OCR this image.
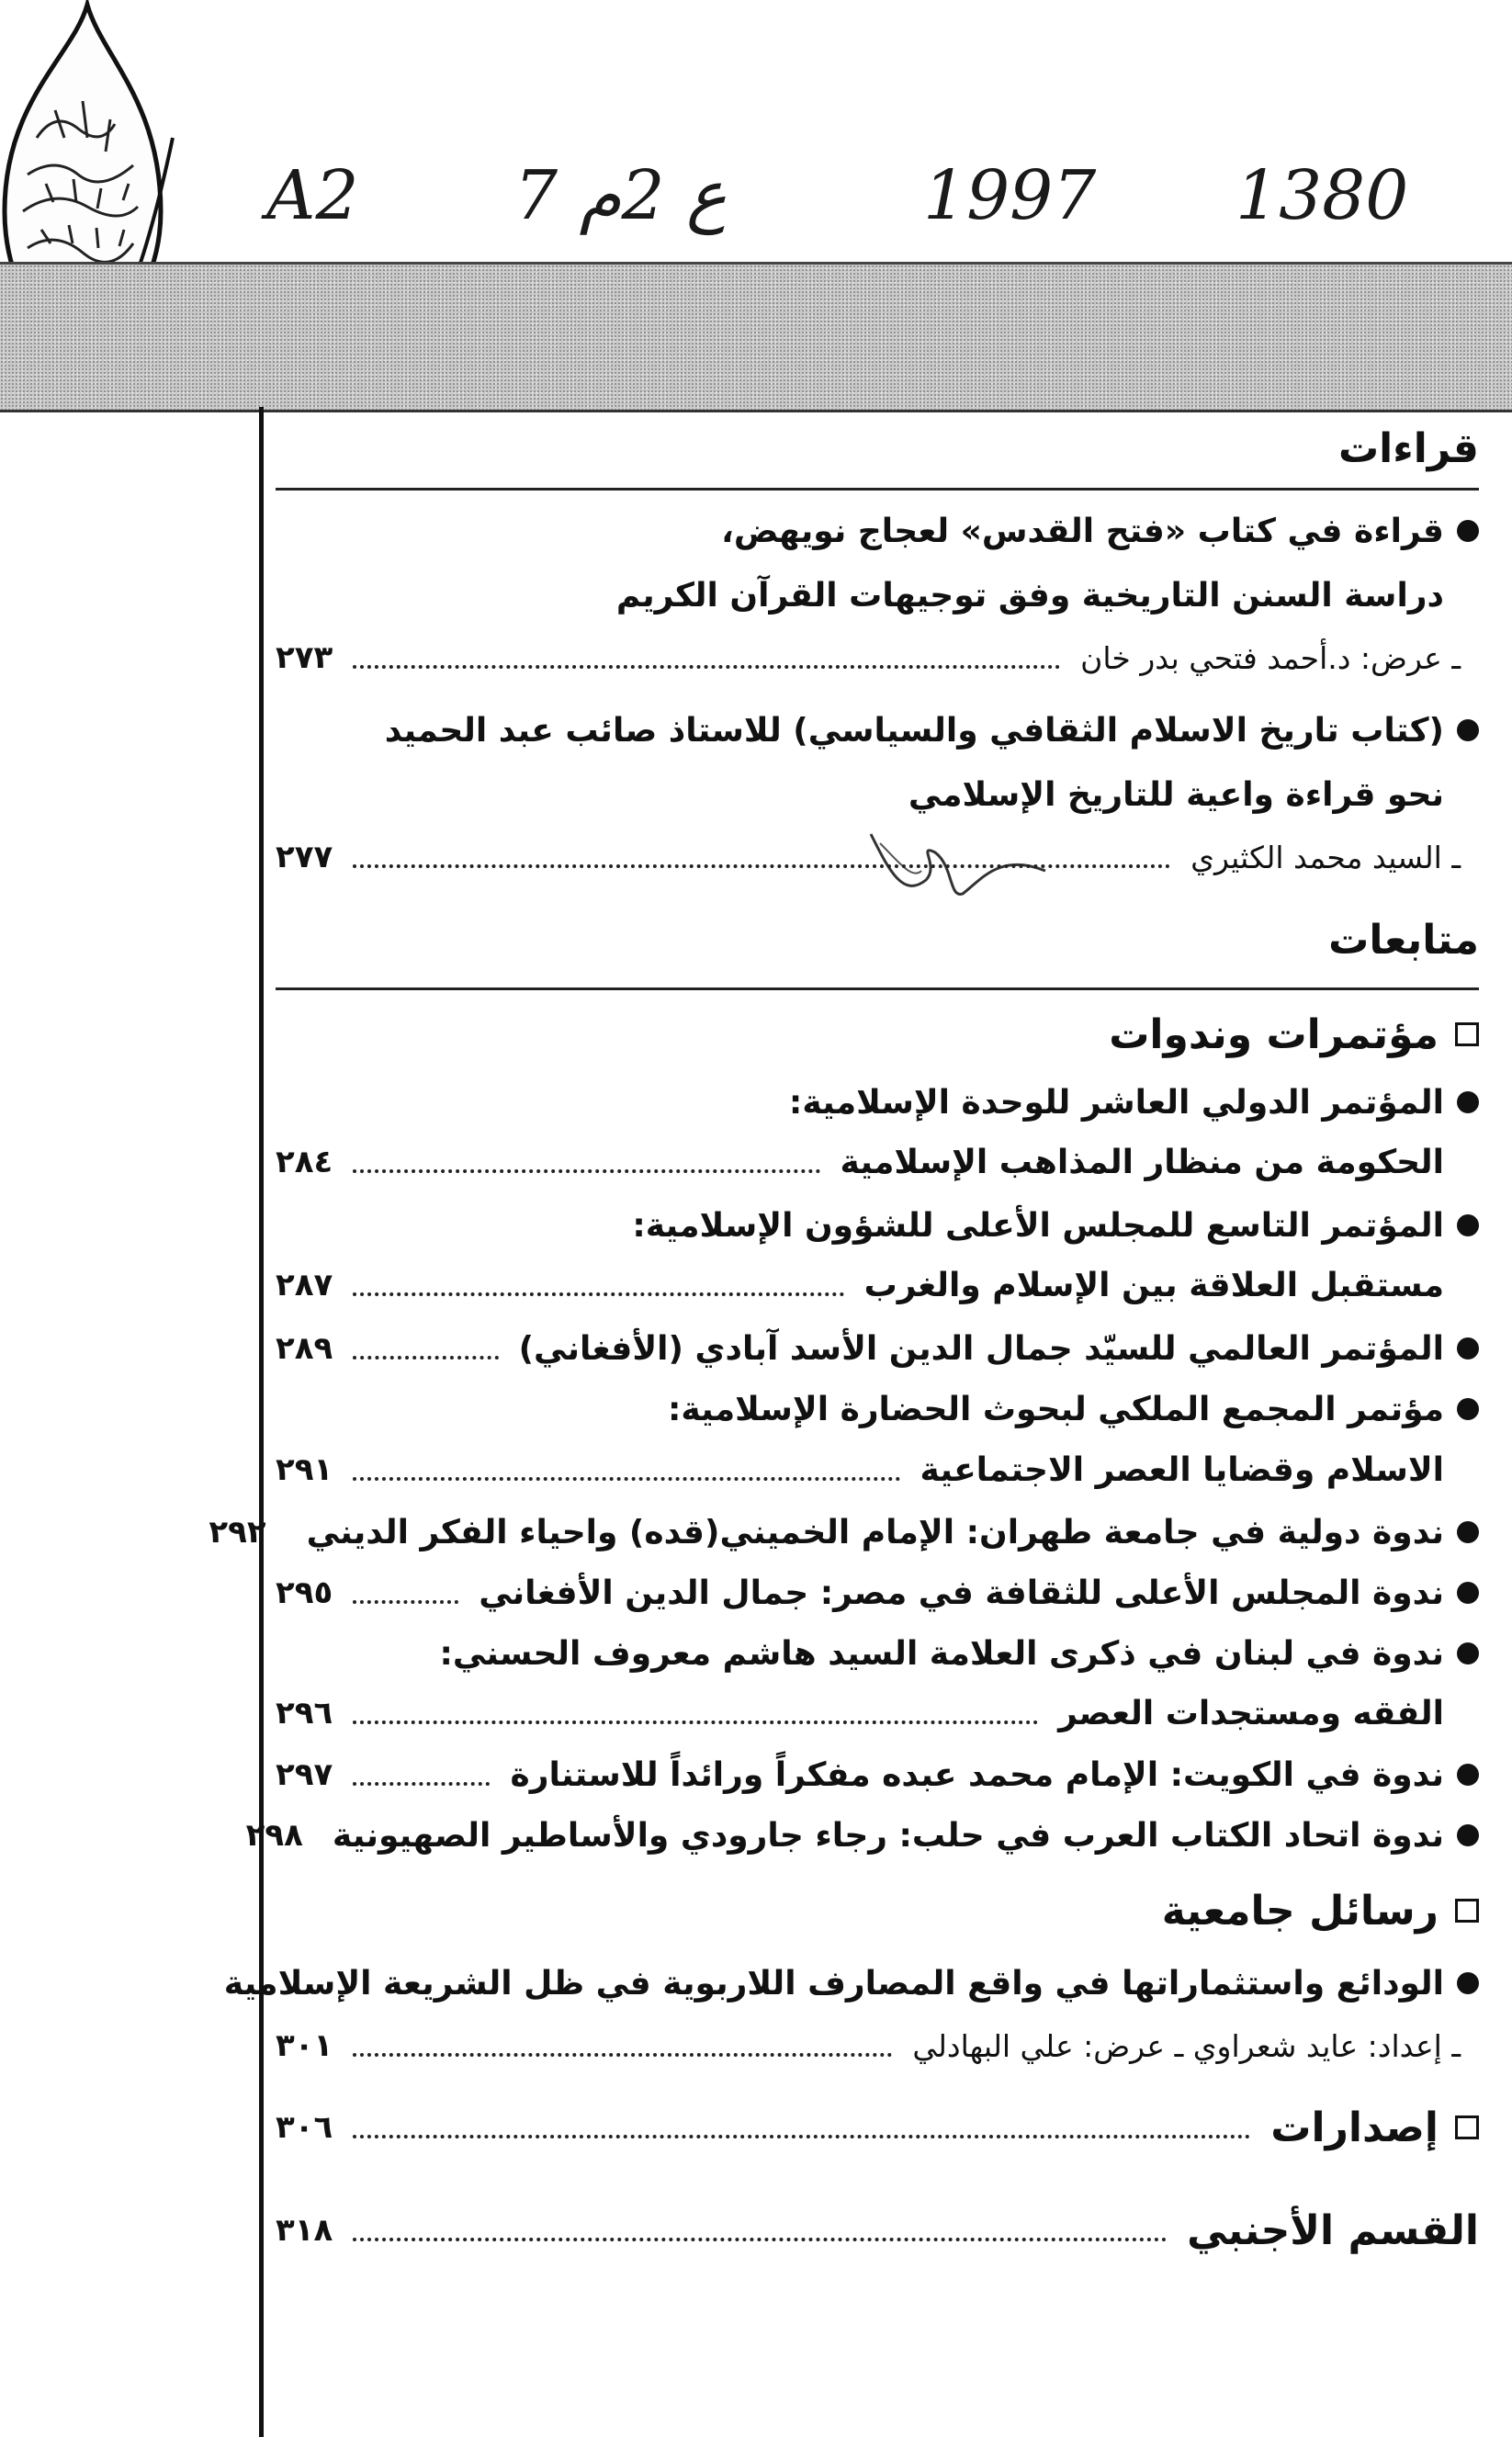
A2 7 ع 2م	1997 1380
قراءات
قراءة في كتاب «فتح القدس» لعجاج نويهض،
دراسة السنن التاريخية وفق توجيهات القرآن الكريم
ـ عرض: د.أحمد فتحي بدر خان
٢٧٣
(كتاب تاريخ الاسلام الثقافي والسياسي) للاستاذ صائب عبد الحميد
نحو قراءة واعية للتاريخ الإسلامي
ـ السيد محمد الكثيري
٢٧٧
متابعات
مؤتمرات وندوات
المؤتمر الدولي العاشر للوحدة الإسلامية:
الحكومة من منظار المذاهب الإسلامية
٢٨٤
المؤتمر التاسع للمجلس الأعلى للشؤون الإسلامية:
مستقبل العلاقة بين الإسلام والغرب
٢٨٧
المؤتمر العالمي للسيّد جمال الدين الأسد آبادي (الأفغاني)
٢٨٩
مؤتمر المجمع الملكي لبحوث الحضارة الإسلامية:
الاسلام وقضايا العصر الاجتماعية
٢٩١
ندوة دولية في جامعة طهران: الإمام الخميني(قده) واحياء الفكر الديني
٢٩٢
ندوة المجلس الأعلى للثقافة في مصر: جمال الدين الأفغاني
٢٩٥
ندوة في لبنان في ذكرى العلامة السيد هاشم معروف الحسني:
الفقه ومستجدات العصر
٢٩٦
ندوة في الكويت: الإمام محمد عبده مفكراً ورائداً للاستنارة
٢٩٧
ندوة اتحاد الكتاب العرب في حلب: رجاء جارودي والأساطير الصهيونية
٢٩٨
رسائل جامعية
الودائع واستثماراتها في واقع المصارف اللاربوية في ظل الشريعة الإسلامية
ـ إعداد: عايد شعراوي ـ عرض: علي البهادلي
٣٠١
إصدارات
٣٠٦
القسم الأجنبي
٣١٨
